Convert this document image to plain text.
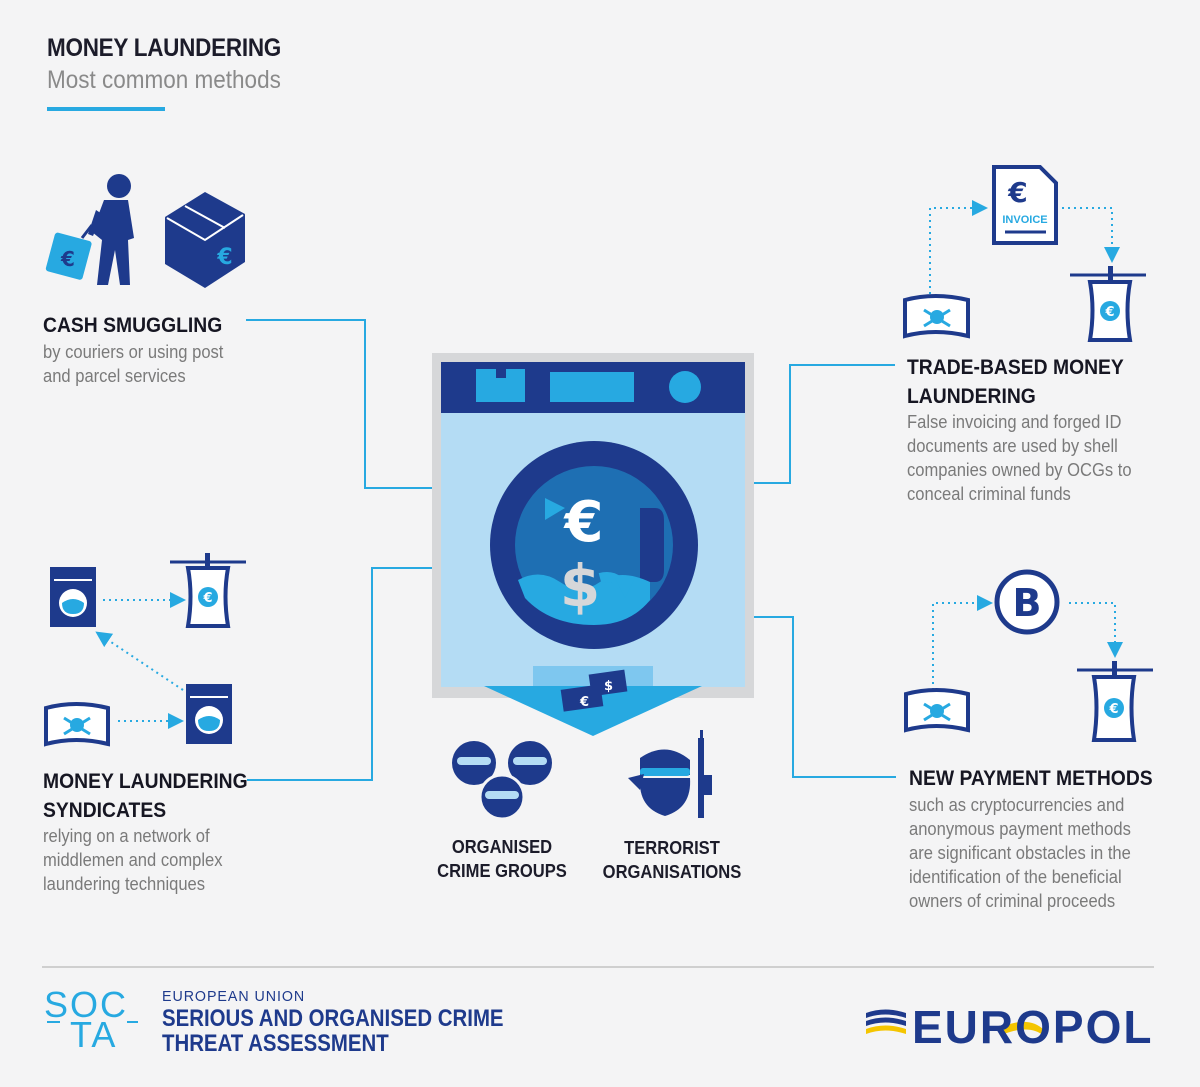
MONEY LAUNDERING
Most common methods
€
$
€
$
€	€
€
INVOICE
€
€	B
€
CASH SMUGGLING
by couriers or using post
and parcel services	TRADE-BASED MONEY
LAUNDERING
False invoicing and forged ID
documents are used by shell
companies owned by OCGs to
conceal criminal funds
MONEY LAUNDERING
SYNDICATES
relying on a network of
middlemen and complex
laundering techniques
NEW PAYMENT METHODS
such as cryptocurrencies and
anonymous payment methods
are significant obstacles in the
identification of the beneficial
owners of criminal proceeds
ORGANISED
CRIME GROUPS
TERRORIST
ORGANISATIONS
SOC
TA
EUROPEAN UNION
SERIOUS AND ORGANISED CRIME
THREAT ASSESSMENT	EUROPOL
